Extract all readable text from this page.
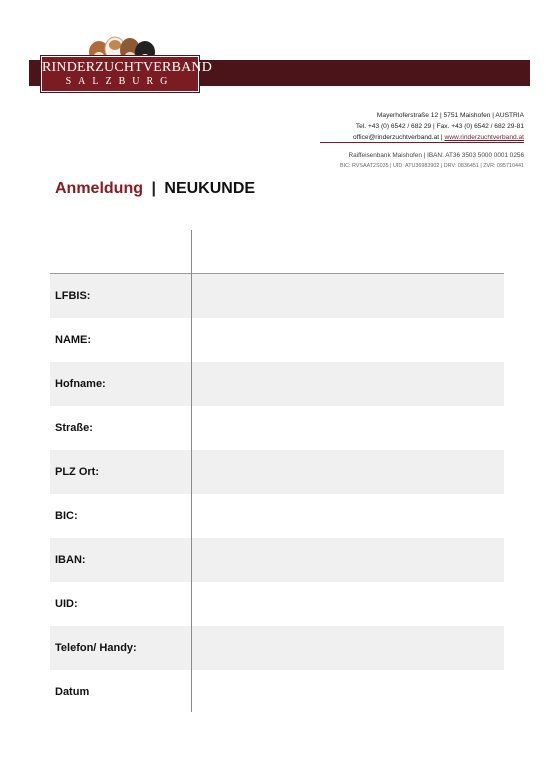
RINDERZUCHTVERBAND
SALZBURG
Mayerhoferstraße 12 | 5751 Maishofen | AUSTRIA
Tel. +43 (0) 6542 / 682 29 | Fax. +43 (0) 6542 / 682 29-81
office@rinderzuchtverband.at | www.rinderzuchtverband.at
Raiffeisenbank Maishofen | IBAN: AT36 3503 5000 0001 0256
BIC: RVSAAT2S035 | UID: ATU36983902 | DRV: 0836451 | ZVR: 095710441
Anmeldung | NEUKUNDE
LFBIS:
NAME:
Hofname:
Straße:
PLZ Ort:
BIC:
IBAN:
UID:
Telefon/ Handy:
Datum
